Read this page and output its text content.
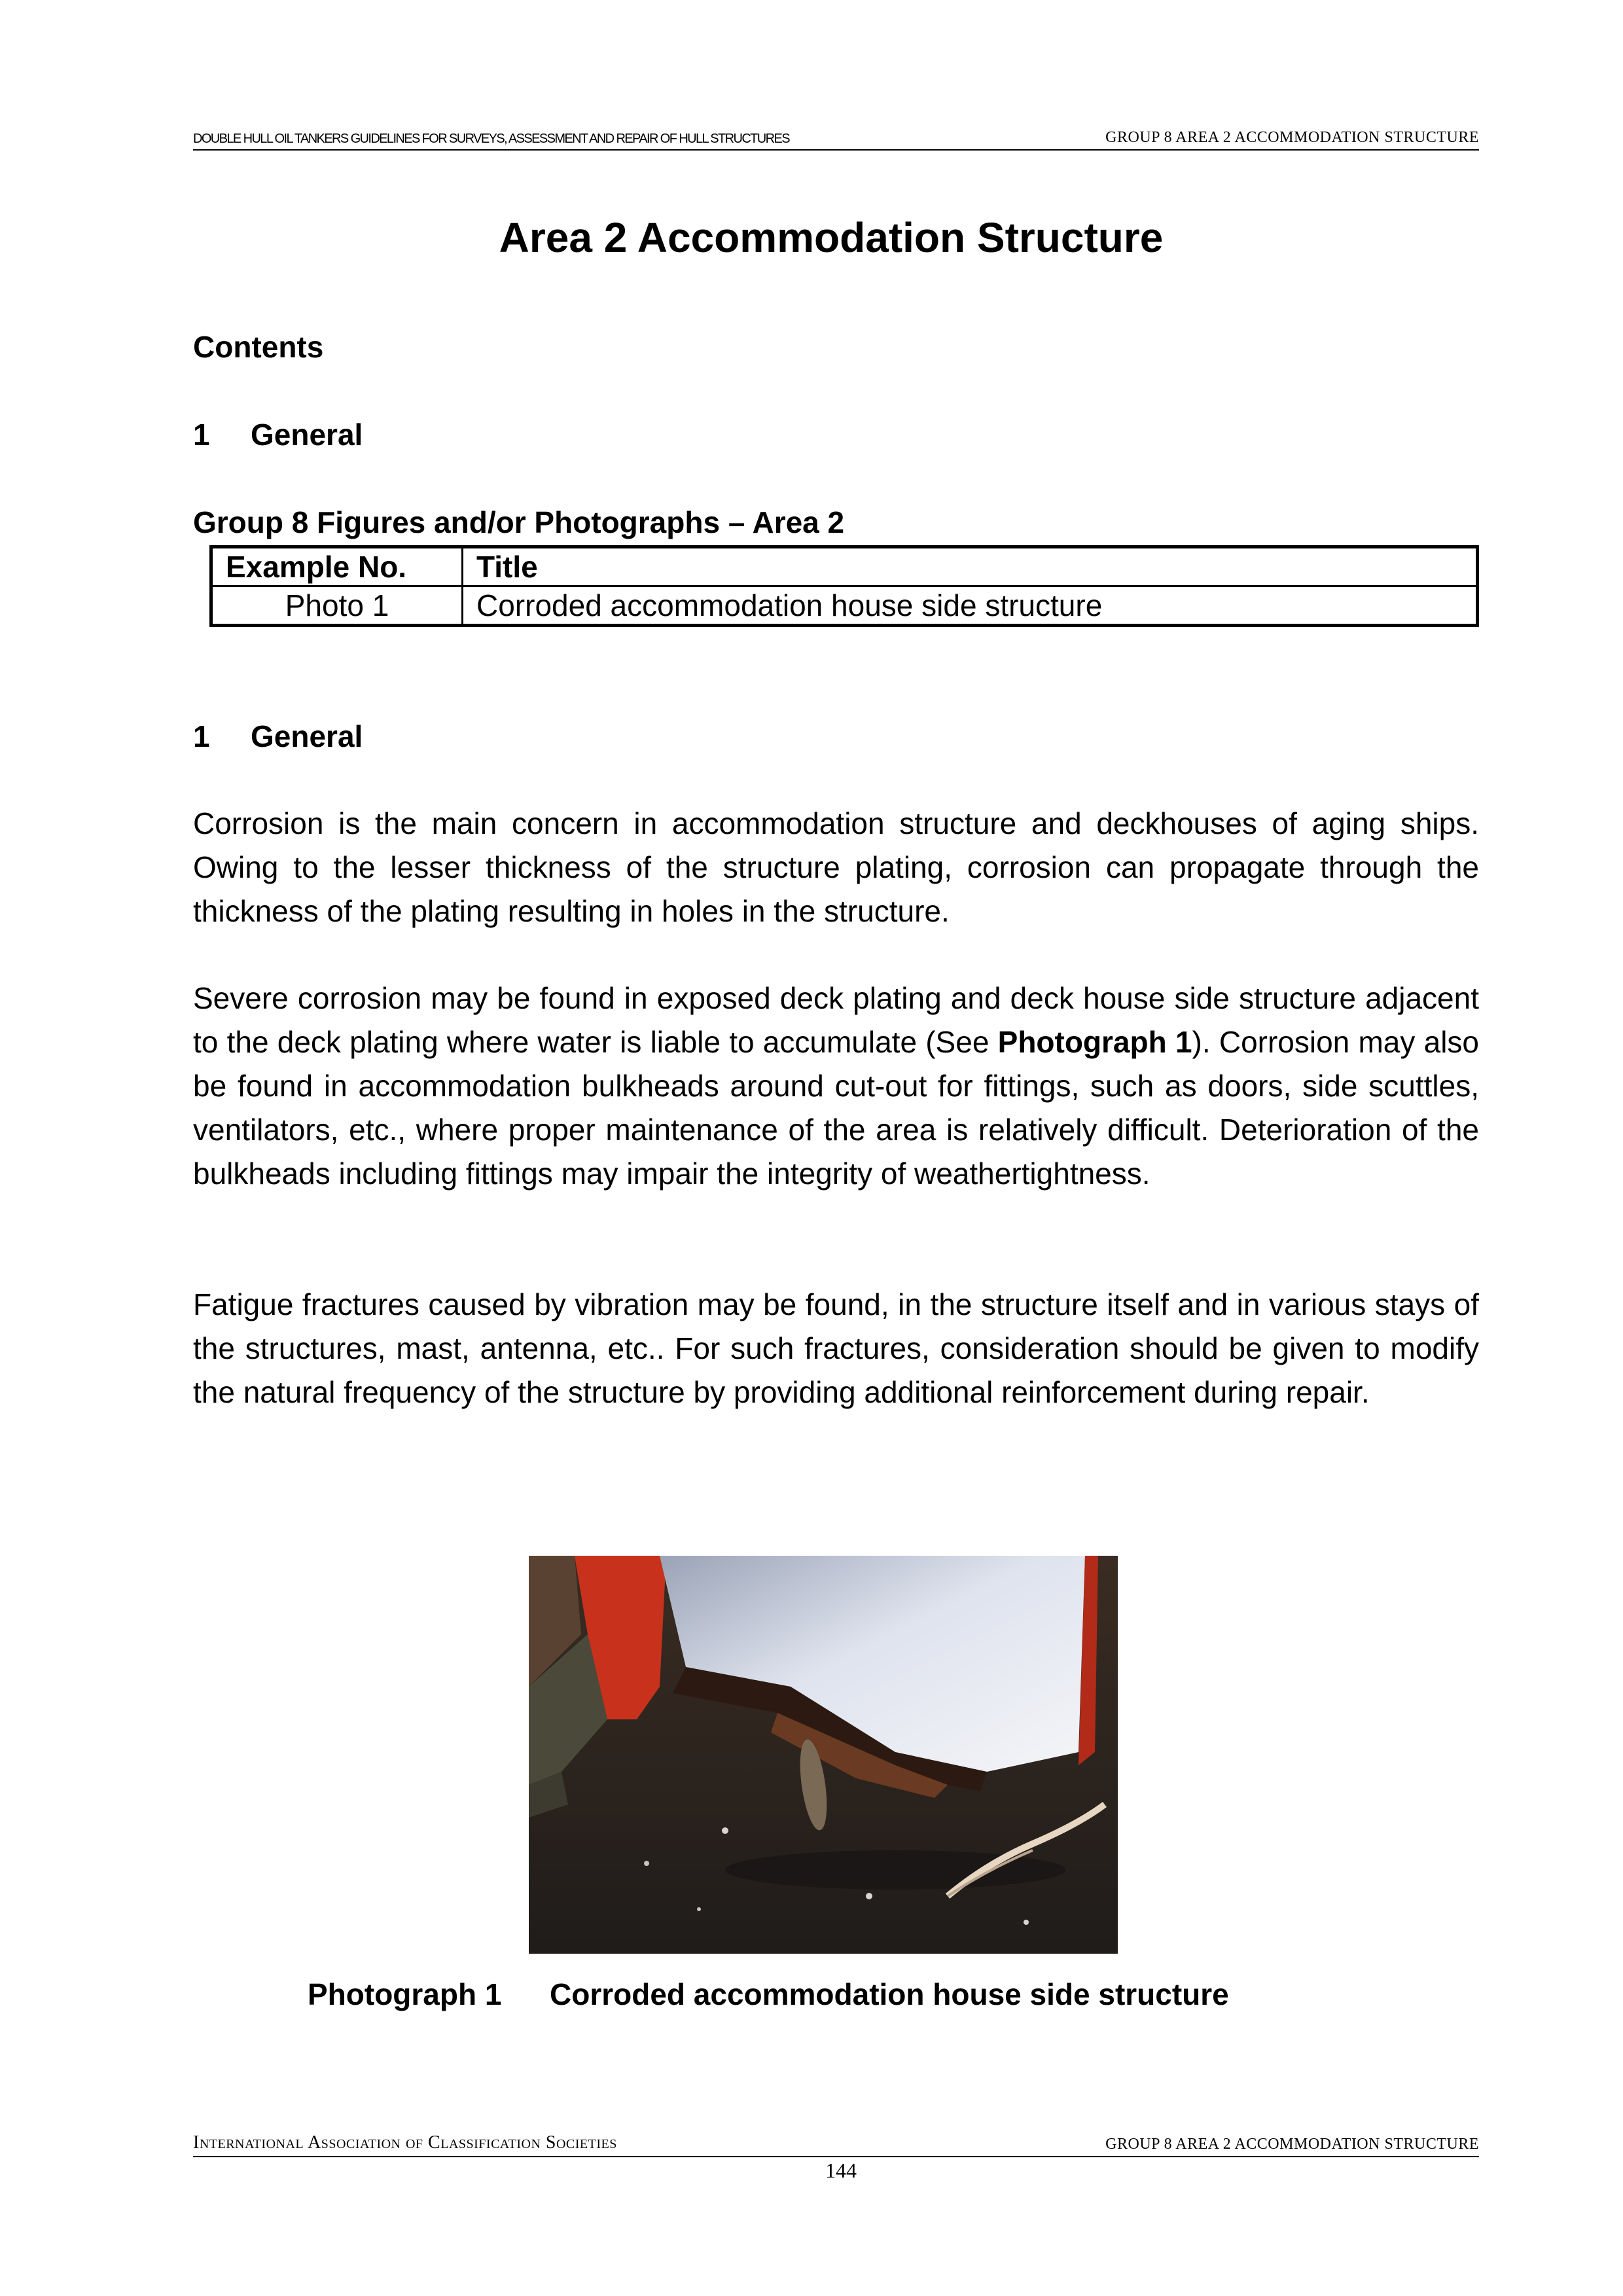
DOUBLE HULL OIL TANKERS GUIDELINES FOR SURVEYS, ASSESSMENT AND REPAIR OF HULL STRUCTURES	GROUP 8 AREA 2 ACCOMMODATION STRUCTURE
Area 2 Accommodation Structure
Contents
1 General
Group 8 Figures and/or Photographs – Area 2
Example No.	Title
Photo 1	Corroded accommodation house side structure
1 General
Corrosion is the main concern in accommodation structure and deckhouses of aging ships. Owing to the lesser thickness of the structure plating, corrosion can propagate through the thickness of the plating resulting in holes in the structure.
Severe corrosion may be found in exposed deck plating and deck house side structure adjacent to the deck plating where water is liable to accumulate (See Photograph 1). Corrosion may also be found in accommodation bulkheads around cut-out for fittings, such as doors, side scuttles, ventilators, etc., where proper maintenance of the area is relatively difficult. Deterioration of the bulkheads including fittings may impair the integrity of weathertightness.
Fatigue fractures caused by vibration may be found, in the structure itself and in various stays of the structures, mast, antenna, etc.. For such fractures, consideration should be given to modify the natural frequency of the structure by providing additional reinforcement during repair.
Photograph 1 Corroded accommodation house side structure
International Association of Classification Societies	GROUP 8 AREA 2 ACCOMMODATION STRUCTURE
144
